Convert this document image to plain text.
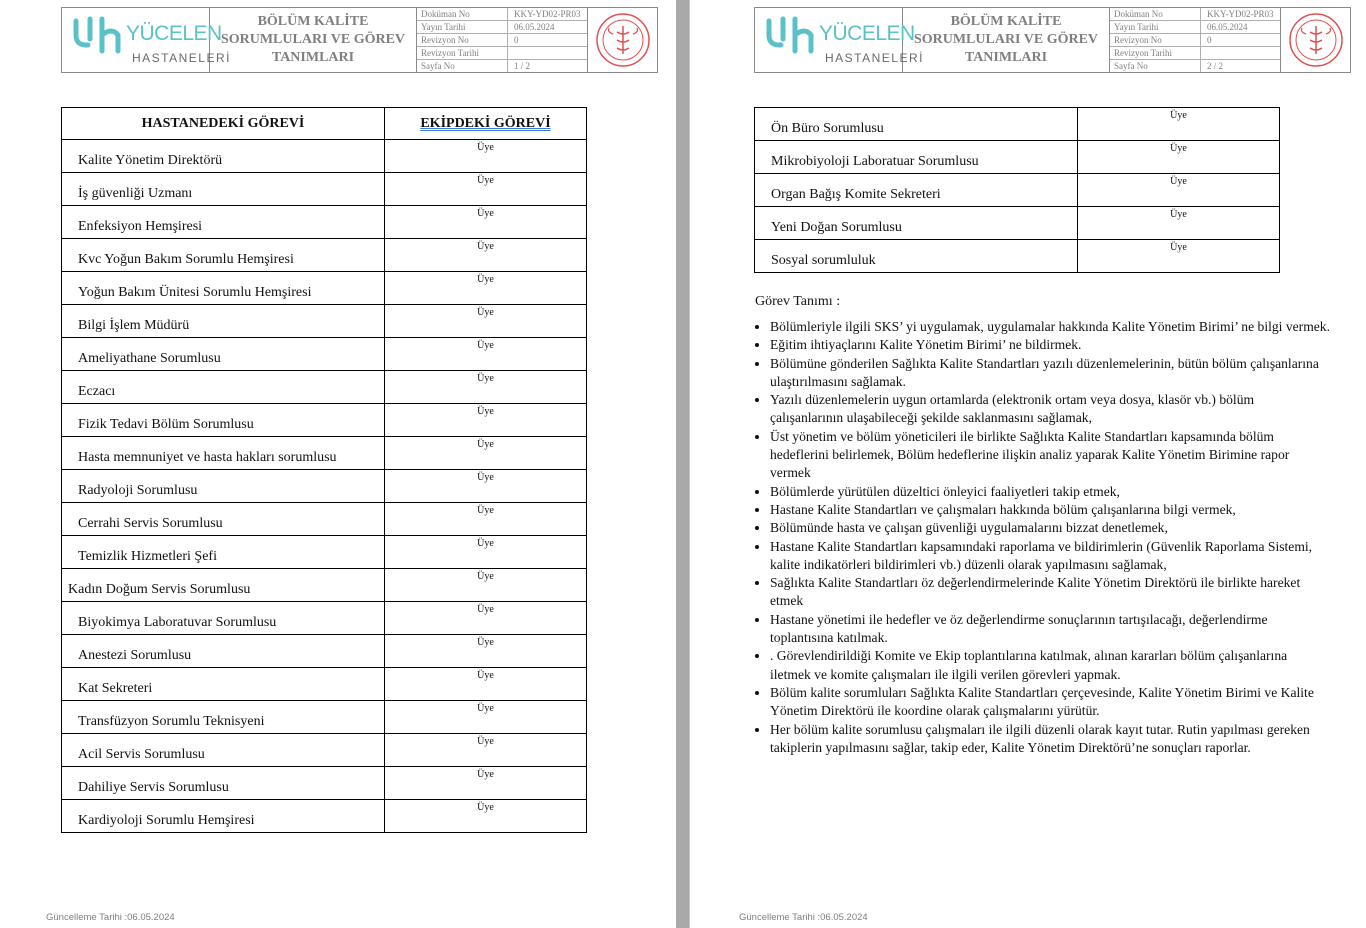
YÜCELEN
HASTANELERİ
BÖLÜM KALİTE SORUMLULARI VE GÖREV TANIMLARI
Doküman No	KKY-YD02-PR03
Yayın Tarihi	06.05.2024
Revizyon No	0
Revizyon Tarihi
Sayfa No	1 / 2
HASTANEDEKİ GÖREVİ	EKİPDEKİ GÖREVİ
Kalite Yönetim Direktörü	Üye
İş güvenliği Uzmanı	Üye
Enfeksiyon Hemşiresi	Üye
Kvc Yoğun Bakım Sorumlu Hemşiresi	Üye
Yoğun Bakım Ünitesi Sorumlu Hemşiresi	Üye
Bilgi İşlem Müdürü	Üye
Ameliyathane Sorumlusu	Üye
Eczacı	Üye
Fizik Tedavi Bölüm Sorumlusu	Üye
Hasta memnuniyet ve hasta hakları sorumlusu	Üye
Radyoloji Sorumlusu	Üye
Cerrahi Servis Sorumlusu	Üye
Temizlik Hizmetleri Şefi	Üye
Kadın Doğum Servis Sorumlusu	Üye
Biyokimya Laboratuvar Sorumlusu	Üye
Anestezi Sorumlusu	Üye
Kat Sekreteri	Üye
Transfüzyon Sorumlu Teknisyeni	Üye
Acil Servis Sorumlusu	Üye
Dahiliye Servis Sorumlusu	Üye
Kardiyoloji Sorumlu Hemşiresi	Üye
Güncelleme Tarihi :06.05.2024
YÜCELEN
HASTANELERİ
BÖLÜM KALİTE SORUMLULARI VE GÖREV TANIMLARI
Doküman No	KKY-YD02-PR03
Yayın Tarihi	06.05.2024
Revizyon No	0
Revizyon Tarihi
Sayfa No	2 / 2
Ön Büro Sorumlusu	Üye
Mikrobiyoloji Laboratuar Sorumlusu	Üye
Organ Bağış Komite Sekreteri	Üye
Yeni Doğan Sorumlusu	Üye
Sosyal sorumluluk	Üye
Görev Tanımı :
• Bölümleriyle ilgili SKS’ yi uygulamak, uygulamalar hakkında Kalite Yönetim Birimi’ ne bilgi vermek.
• Eğitim ihtiyaçlarını Kalite Yönetim Birimi’ ne bildirmek.
• Bölümüne gönderilen Sağlıkta Kalite Standartları yazılı düzenlemelerinin, bütün bölüm çalışanlarına ulaştırılmasını sağlamak.
• Yazılı düzenlemelerin uygun ortamlarda (elektronik ortam veya dosya, klasör vb.) bölüm çalışanlarının ulaşabileceği şekilde saklanmasını sağlamak,
• Üst yönetim ve bölüm yöneticileri ile birlikte Sağlıkta Kalite Standartları kapsamında bölüm hedeflerini belirlemek, Bölüm hedeflerine ilişkin analiz yaparak Kalite Yönetim Birimine rapor vermek
• Bölümlerde yürütülen düzeltici önleyici faaliyetleri takip etmek,
• Hastane Kalite Standartları ve çalışmaları hakkında bölüm çalışanlarına bilgi vermek,
• Bölümünde hasta ve çalışan güvenliği uygulamalarını bizzat denetlemek,
• Hastane Kalite Standartları kapsamındaki raporlama ve bildirimlerin (Güvenlik Raporlama Sistemi, kalite indikatörleri bildirimleri vb.) düzenli olarak yapılmasını sağlamak,
• Sağlıkta Kalite Standartları öz değerlendirmelerinde Kalite Yönetim Direktörü ile birlikte hareket etmek
• Hastane yönetimi ile hedefler ve öz değerlendirme sonuçlarının tartışılacağı, değerlendirme toplantısına katılmak.
• . Görevlendirildiği Komite ve Ekip toplantılarına katılmak, alınan kararları bölüm çalışanlarına iletmek ve komite çalışmaları ile ilgili verilen görevleri yapmak.
• Bölüm kalite sorumluları Sağlıkta Kalite Standartları çerçevesinde, Kalite Yönetim Birimi ve Kalite Yönetim Direktörü ile koordine olarak çalışmalarını yürütür.
• Her bölüm kalite sorumlusu çalışmaları ile ilgili düzenli olarak kayıt tutar. Rutin yapılması gereken takiplerin yapılmasını sağlar, takip eder, Kalite Yönetim Direktörü’ne sonuçları raporlar.
Güncelleme Tarihi :06.05.2024
